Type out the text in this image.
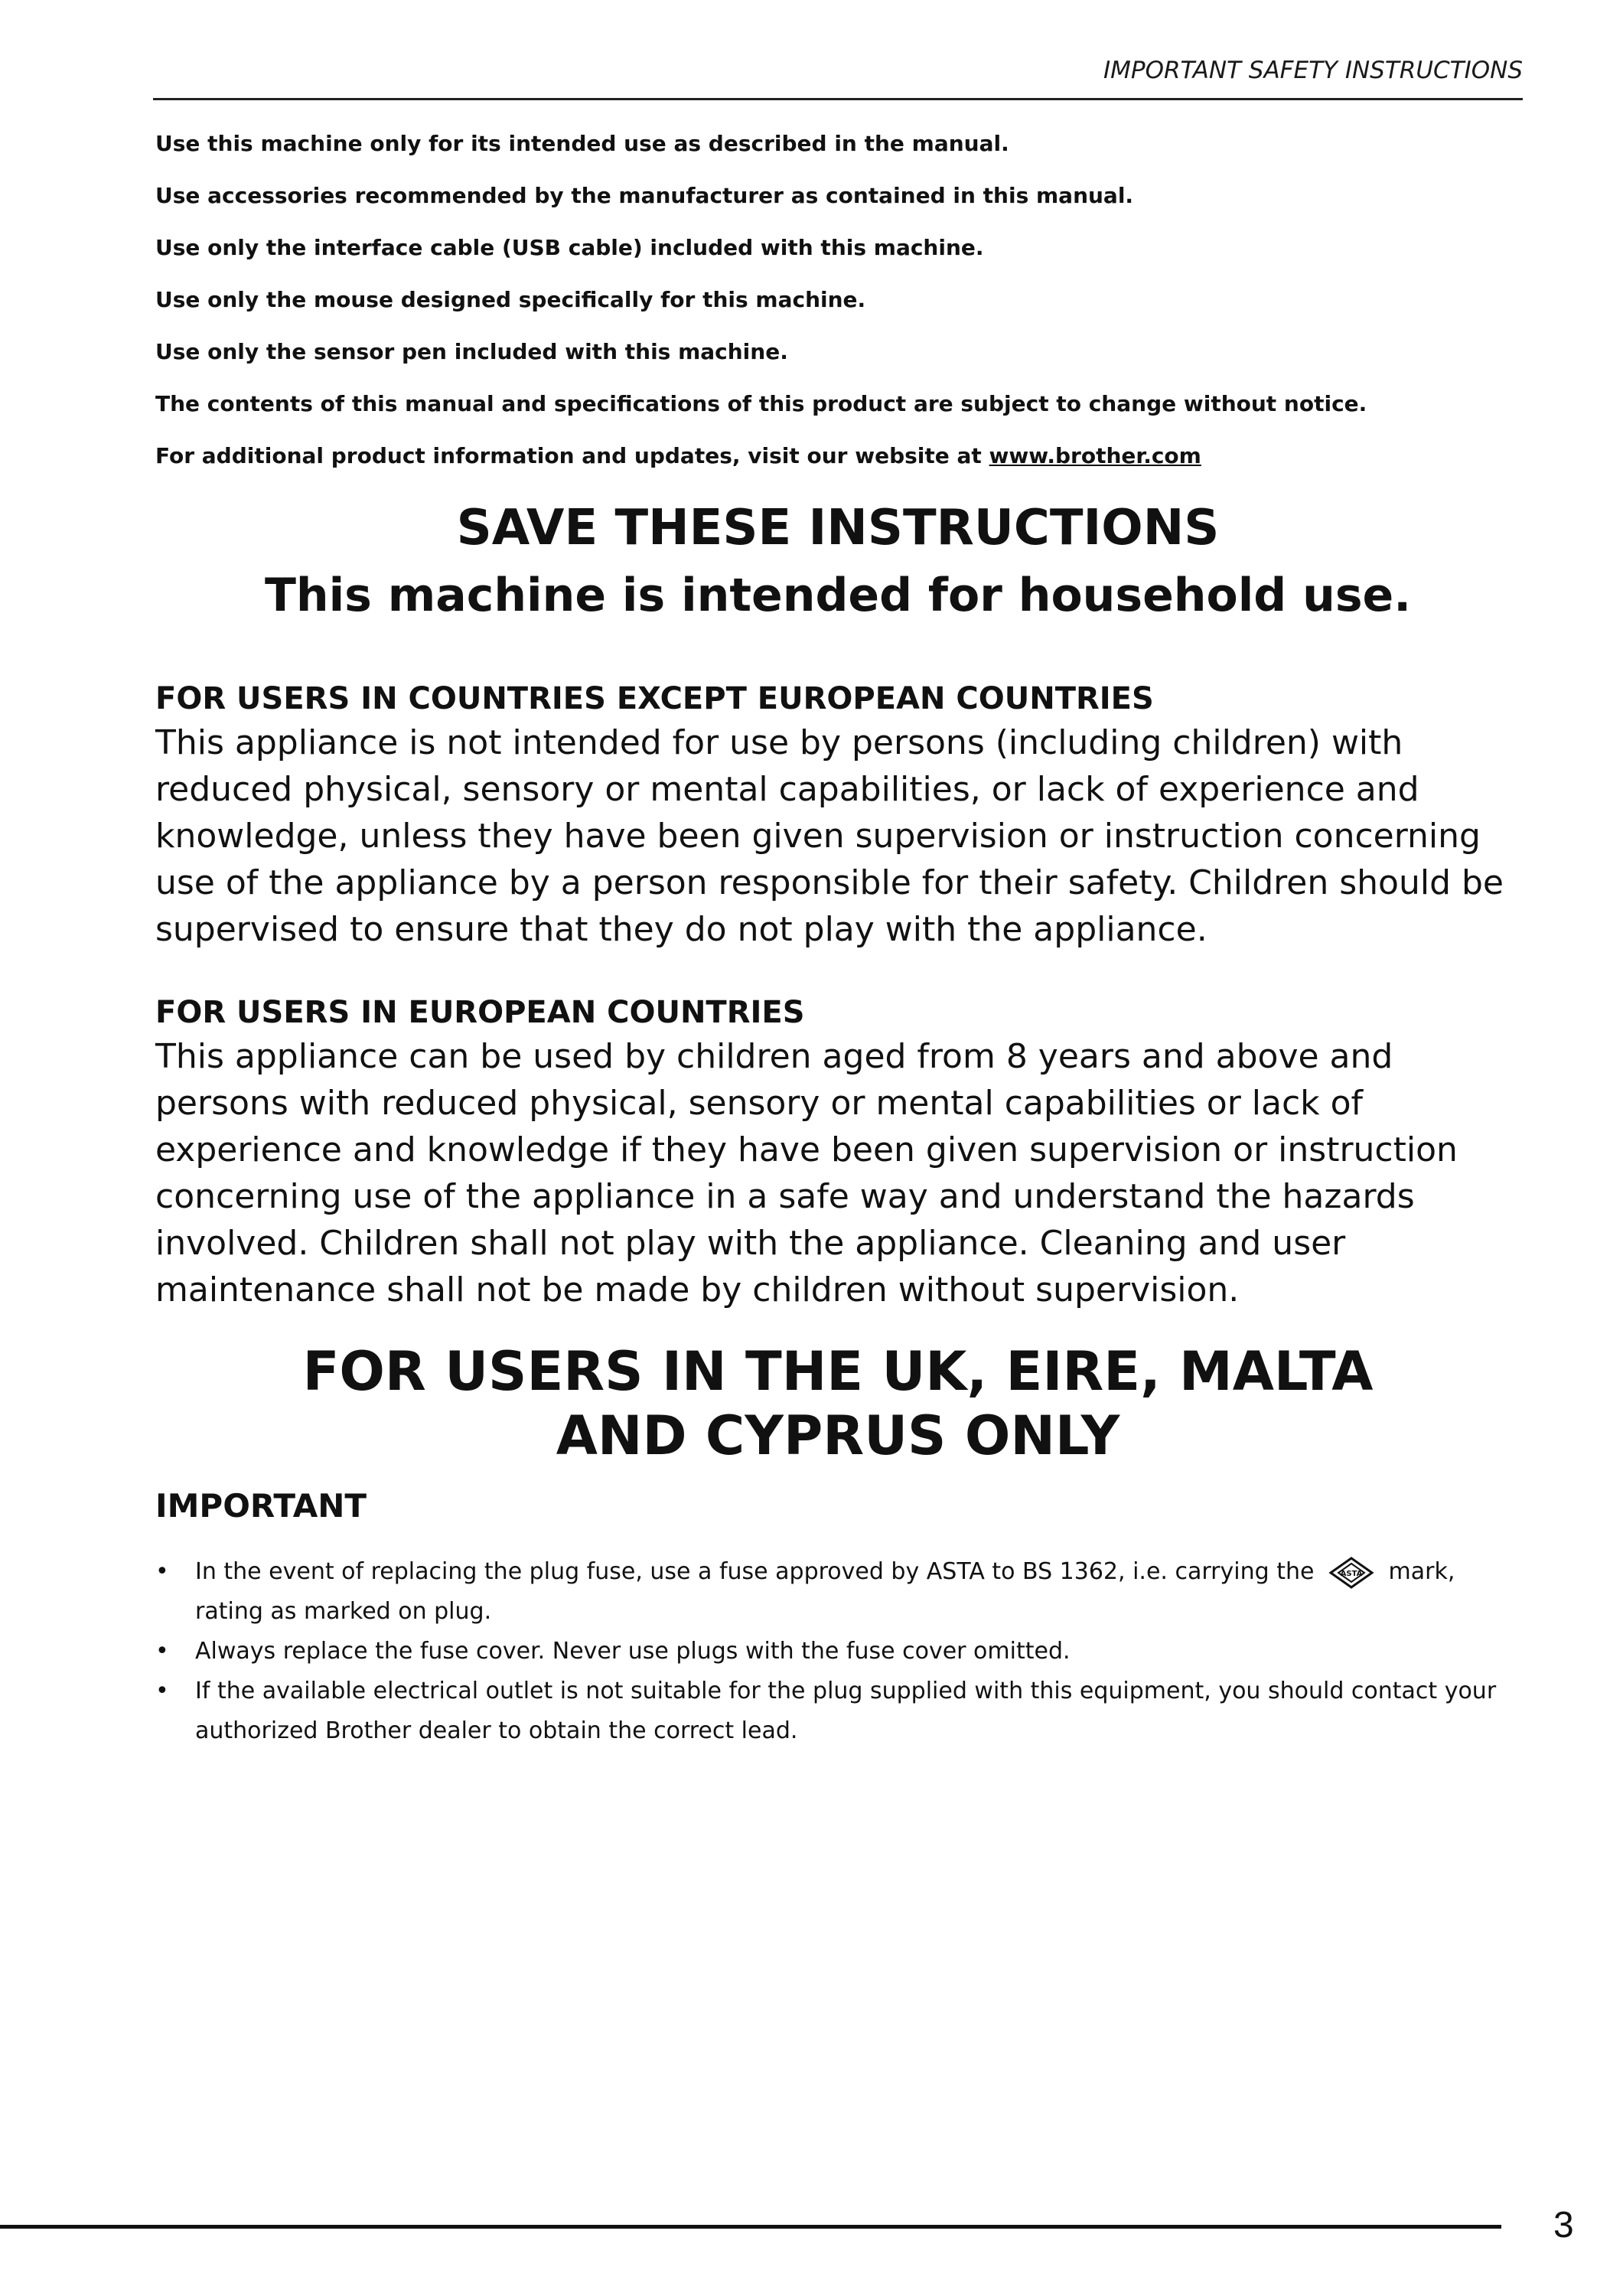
IMPORTANT SAFETY INSTRUCTIONS

Use this machine only for its intended use as described in the manual.

Use accessories recommended by the manufacturer as contained in this manual.

Use only the interface cable (USB cable) included with this machine.

Use only the mouse designed specifically for this machine.

Use only the sensor pen included with this machine.

The contents of this manual and specifications of this product are subject to change without notice.

For additional product information and updates, visit our website at www.brother.com

SAVE THESE INSTRUCTIONS
This machine is intended for household use.

FOR USERS IN COUNTRIES EXCEPT EUROPEAN COUNTRIES

This appliance is not intended for use by persons (including children) with reduced physical, sensory or mental capabilities, or lack of experience and knowledge, unless they have been given supervision or instruction concerning use of the appliance by a person responsible for their safety. Children should be supervised to ensure that they do not play with the appliance.

FOR USERS IN EUROPEAN COUNTRIES

This appliance can be used by children aged from 8 years and above and persons with reduced physical, sensory or mental capabilities or lack of experience and knowledge if they have been given supervision or instruction concerning use of the appliance in a safe way and understand the hazards involved. Children shall not play with the appliance. Cleaning and user maintenance shall not be made by children without supervision.

FOR USERS IN THE UK, EIRE, MALTA
AND CYPRUS ONLY
IMPORTANT
• In the event of replacing the plug fuse, use a fuse approved by ASTA to BS 1362, i.e. carrying the	ASTA mark, rating as marked on plug.
• Always replace the fuse cover. Never use plugs with the fuse cover omitted.
• If the available electrical outlet is not suitable for the plug supplied with this equipment, you should contact your authorized Brother dealer to obtain the correct lead.
3
